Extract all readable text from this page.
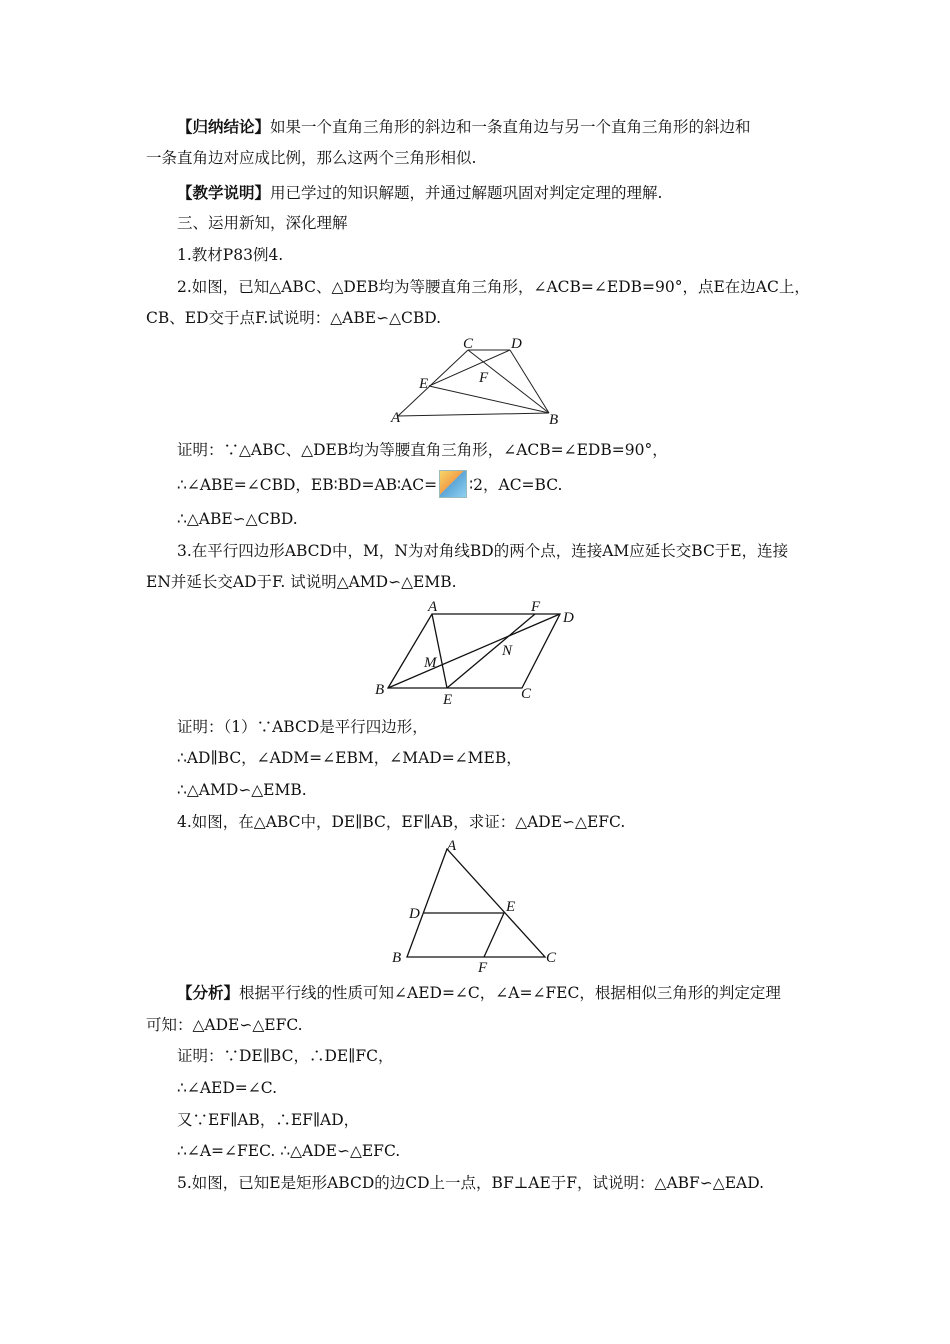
【归纳结论】如果一个直角三角形的斜边和一条直角边与另一个直角三角形的斜边和
一条直角边对应成比例，那么这两个三角形相似.
【教学说明】用已学过的知识解题，并通过解题巩固对判定定理的理解.
三、运用新知，深化理解
1.教材P83例4.
2.如图，已知△ABC、△DEB均为等腰直角三角形，∠ACB=∠EDB=90°，点E在边AC上，
CB、ED交于点F.试说明：△ABE∽△CBD.
C	D
E	F
A	B
证明：∵△ABC、△DEB均为等腰直角三角形，∠ACB=∠EDB=90°，
∴∠ABE=∠CBD，EB∶BD=AB∶AC= ∶2，AC=BC.
∴△ABE∽△CBD.
3.在平行四边形ABCD中，M，N为对角线BD的两个点，连接AM应延长交BC于E，连接
EN并延长交AD于F. 试说明△AMD∽△EMB.
A	F
D
M
N
B
E	C
证明：（1）∵ABCD是平行四边形，
∴AD∥BC，∠ADM=∠EBM，∠MAD=∠MEB，
∴△AMD∽△EMB.
4.如图，在△ABC中，DE∥BC，EF∥AB，求证：△ADE∽△EFC.
A
D	E
B
F
C
【分析】根据平行线的性质可知∠AED=∠C，∠A=∠FEC，根据相似三角形的判定定理
可知：△ADE∽△EFC.
证明：∵DE∥BC，∴DE∥FC，
∴∠AED=∠C.
又∵EF∥AB，∴EF∥AD，
∴∠A=∠FEC. ∴△ADE∽△EFC.
5.如图，已知E是矩形ABCD的边CD上一点，BF⊥AE于F，试说明：△ABF∽△EAD.
